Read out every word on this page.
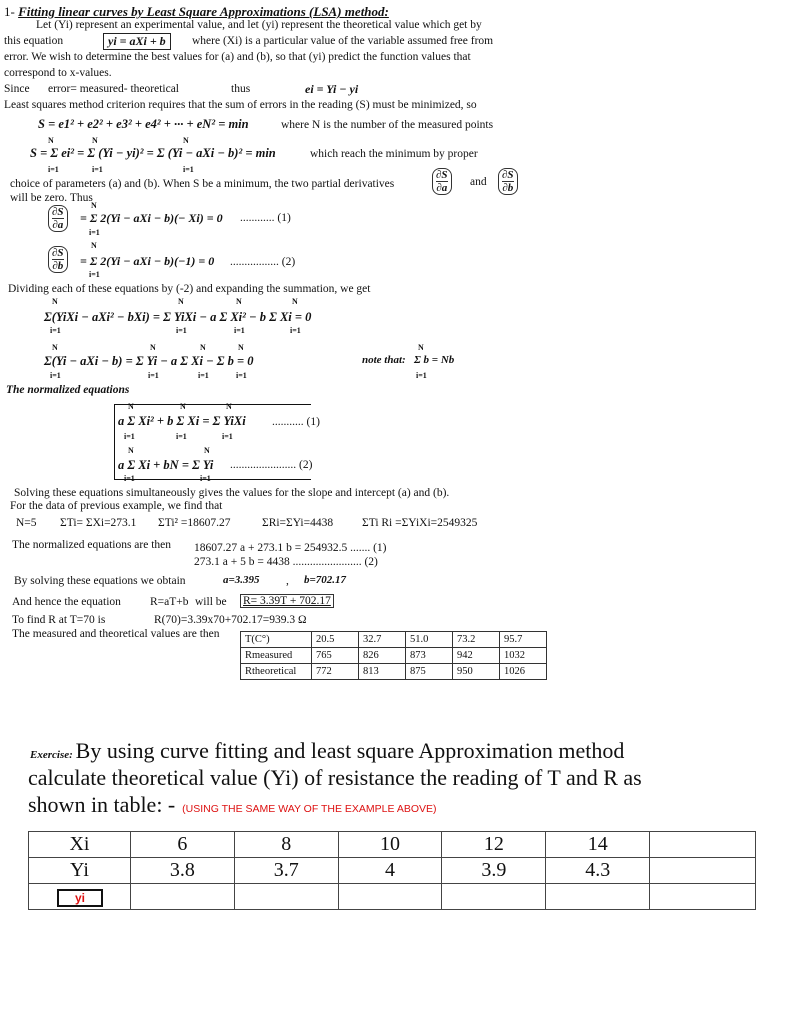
1- Fitting linear curves by Least Square Approximations (LSA) method:
Let (Yi) represent an experimental value, and let (yi) represent the theoretical value which get by
this equation	yi = aXi + b	where (Xi) is a particular value of the variable assumed free from
error. We wish to determine the best values for (a) and (b), so that (yi) predict the function values that
correspond to x-values.
Since error= measured- theoretical	thus	ei = Yi − yi
Least squares method criterion requires that the sum of errors in the reading (S) must be minimized, so
S = e1² + e2² + e3² + e4² + ··· + eN² = min	where N is the number of the measured points
S = Σ ei² = Σ (Yi − yi)² = Σ (Yi − aXi − b)² = min
N
i=1
N
i=1
N
i=1
which reach the minimum by proper
choice of parameters (a) and (b). When S be a minimum, the two partial derivatives
∂S
∂a	and
∂S
∂b
will be zero. Thus
∂S
∂a
N
= Σ 2(Yi − aXi − b)(− Xi) = 0
i=1
............ (1)
∂S
∂b
N
= Σ 2(Yi − aXi − b)(−1) = 0
i=1
................. (2)
Dividing each of these equations by (-2) and expanding the summation, we get
N	N	N	N
Σ(YiXi − aXi² − bXi) = Σ YiXi − a Σ Xi² − b Σ Xi = 0
i=1	i=1	i=1	i=1
N	N	N	N
Σ(Yi − aXi − b) = Σ Yi − a Σ Xi − Σ b = 0
i=1	i=1	i=1	i=1
note that:
N
Σ b = Nb
i=1
The normalized equations
N	N	N
a Σ Xi² + b Σ Xi = Σ YiXi ........... (1)
i=1	i=1	i=1
N	N
a Σ Xi + bN = Σ Yi ....................... (2)
i=1	i=1
Solving these equations simultaneously gives the values for the slope and intercept (a) and (b).
For the data of previous example, we find that
N=5 ΣTi= ΣXi=273.1 ΣTi² =18607.27	ΣRi=ΣYi=4438	ΣTi Ri =ΣYiXi=2549325
The normalized equations are then 18607.27 a + 273.1 b = 254932.5 ....... (1)
273.1 a + 5 b = 4438 ........................ (2)
By solving these equations we obtain	a=3.395 , b=702.17
And hence the equation	R=aT+b will be R= 3.39T + 702.17
To find R at T=70 is	R(70)=3.39x70+702.17=939.3 Ω
The measured and theoretical values are then T(C°)	20.5	32.7	51.0	73.2	95.7
Rmeasured	765	826	873	942	1032
Rtheoretical	772	813	875	950	1026
Exercise: By using curve fitting and least square Approximation method
calculate theoretical value (Yi) of resistance the reading of T and R as
shown in table: - (USING THE SAME WAY OF THE EXAMPLE ABOVE)
Xi	6	8	10	12	14	
Yi	3.8	3.7	4	3.9	4.3	
yi						
